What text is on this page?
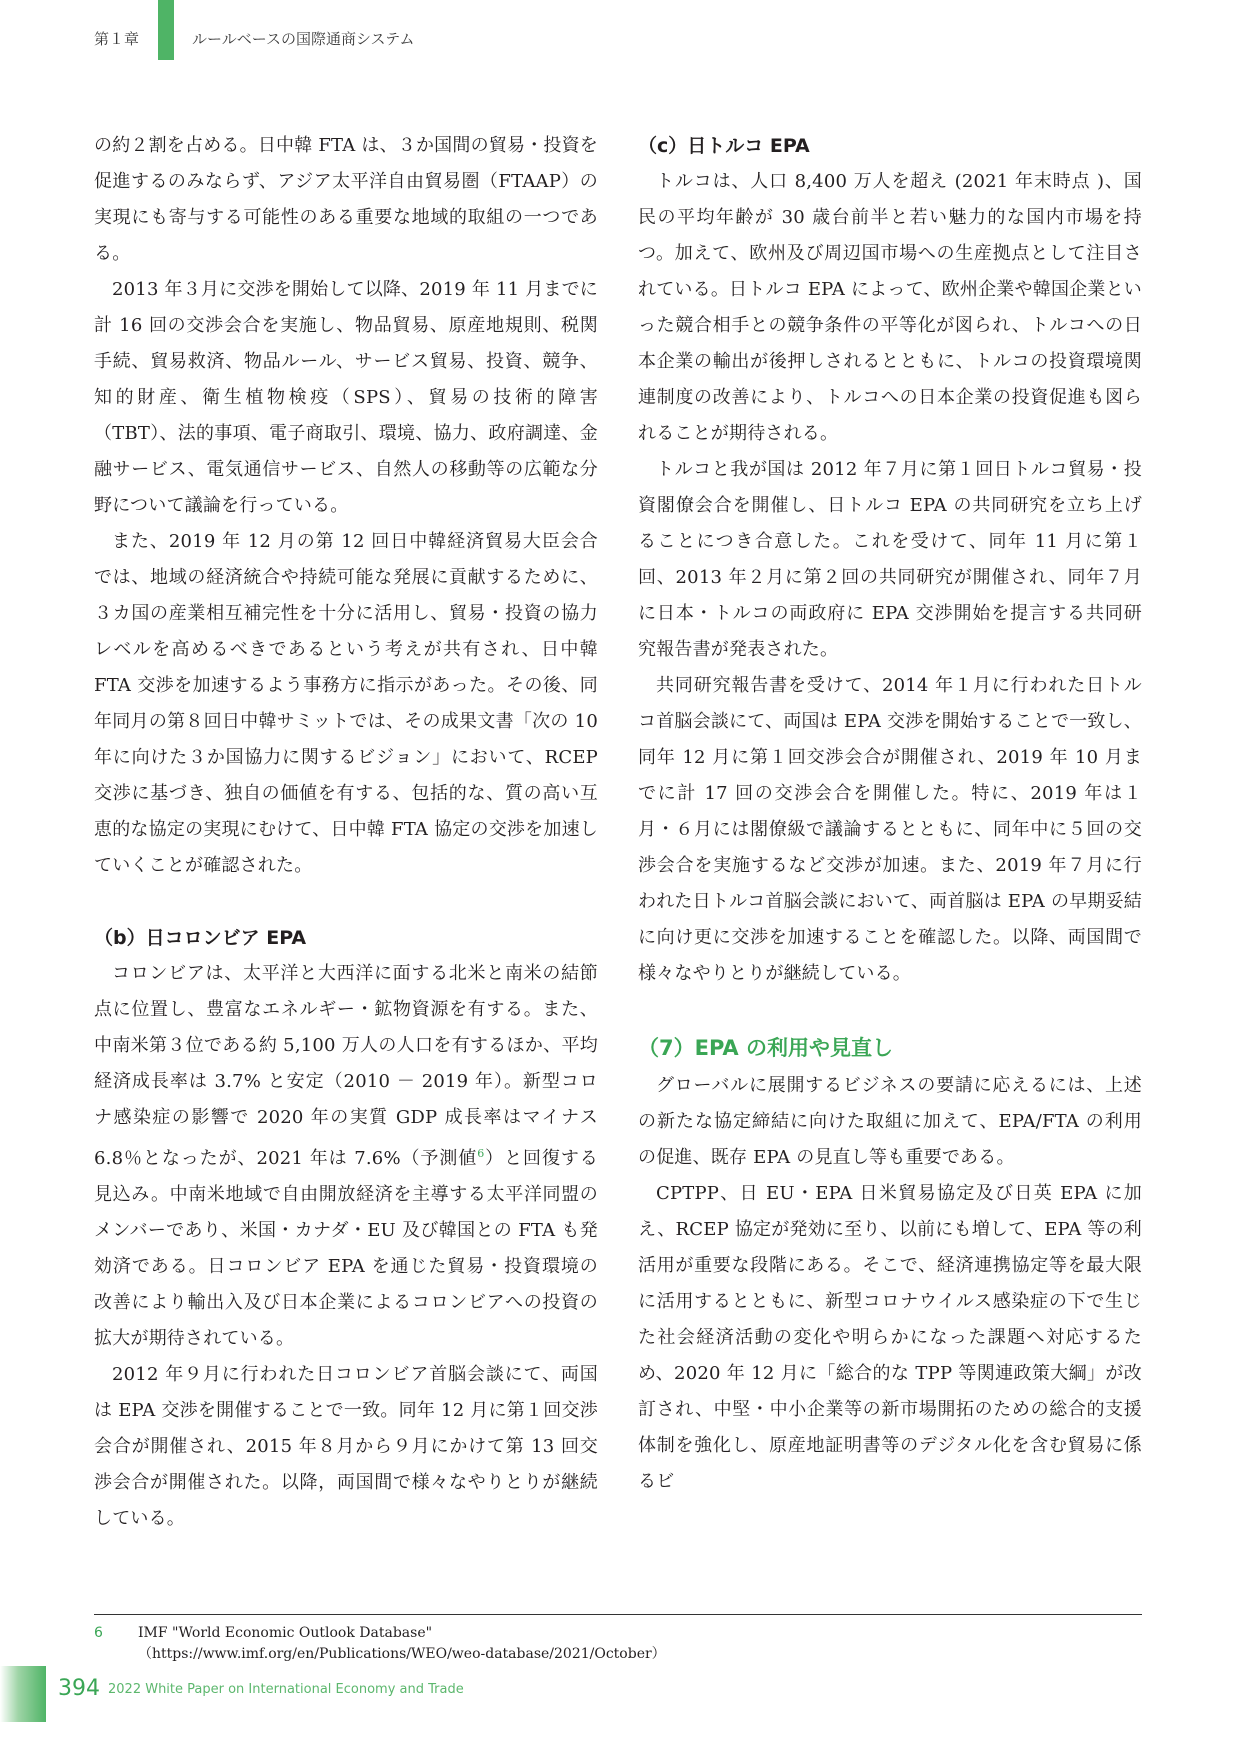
第１章	ルールベースの国際通商システム

の約２割を占める。日中韓 FTA は、３か国間の貿易・投資を促進するのみならず、アジア太平洋自由貿易圏（FTAAP）の実現にも寄与する可能性のある重要な地域的取組の一つである。

2013 年３月に交渉を開始して以降、2019 年 11 月までに計 16 回の交渉会合を実施し、物品貿易、原産地規則、税関手続、貿易救済、物品ルール、サービス貿易、投資、競争、知的財産、衛生植物検疫（SPS）、貿易の技術的障害（TBT）、法的事項、電子商取引、環境、協力、政府調達、金融サービス、電気通信サービス、自然人の移動等の広範な分野について議論を行っている。

また、2019 年 12 月の第 12 回日中韓経済貿易大臣会合では、地域の経済統合や持続可能な発展に貢献するために、３カ国の産業相互補完性を十分に活用し、貿易・投資の協力レベルを高めるべきであるという考えが共有され、日中韓 FTA 交渉を加速するよう事務方に指示があった。その後、同年同月の第８回日中韓サミットでは、その成果文書「次の 10 年に向けた３か国協力に関するビジョン」において、RCEP 交渉に基づき、独自の価値を有する、包括的な、質の高い互恵的な協定の実現にむけて、日中韓 FTA 協定の交渉を加速していくことが確認された。

（b）日コロンビア EPA

コロンビアは、太平洋と大西洋に面する北米と南米の結節点に位置し、豊富なエネルギー・鉱物資源を有する。また、中南米第３位である約 5,100 万人の人口を有するほか、平均経済成長率は 3.7% と安定（2010 － 2019 年）。新型コロナ感染症の影響で 2020 年の実質 GDP 成長率はマイナス 6.8％となったが、2021 年は 7.6%（予測値$^6$）と回復する見込み。中南米地域で自由開放経済を主導する太平洋同盟のメンバーであり、米国・カナダ・EU 及び韓国との FTA も発効済である。日コロンビア EPA を通じた貿易・投資環境の改善により輸出入及び日本企業によるコロンビアへの投資の拡大が期待されている。

2012 年９月に行われた日コロンビア首脳会談にて、両国は EPA 交渉を開催することで一致。同年 12 月に第１回交渉会合が開催され、2015 年８月から９月にかけて第 13 回交渉会合が開催された。以降，両国間で様々なやりとりが継続している。

（c）日トルコ EPA

トルコは、人口 8,400 万人を超え (2021 年末時点 )、国民の平均年齢が 30 歳台前半と若い魅力的な国内市場を持つ。加えて、欧州及び周辺国市場への生産拠点として注目されている。日トルコ EPA によって、欧州企業や韓国企業といった競合相手との競争条件の平等化が図られ、トルコへの日本企業の輸出が後押しされるとともに、トルコの投資環境関連制度の改善により、トルコへの日本企業の投資促進も図られることが期待される。

トルコと我が国は 2012 年７月に第１回日トルコ貿易・投資閣僚会合を開催し、日トルコ EPA の共同研究を立ち上げることにつき合意した。これを受けて、同年 11 月に第１回、2013 年２月に第２回の共同研究が開催され、同年７月に日本・トルコの両政府に EPA 交渉開始を提言する共同研究報告書が発表された。

共同研究報告書を受けて、2014 年１月に行われた日トルコ首脳会談にて、両国は EPA 交渉を開始することで一致し、同年 12 月に第１回交渉会合が開催され、2019 年 10 月までに計 17 回の交渉会合を開催した。特に、2019 年は１月・６月には閣僚級で議論するとともに、同年中に５回の交渉会合を実施するなど交渉が加速。また、2019 年７月に行われた日トルコ首脳会談において、両首脳は EPA の早期妥結に向け更に交渉を加速することを確認した。以降、両国間で様々なやりとりが継続している。

（7）EPA の利用や見直し

グローバルに展開するビジネスの要請に応えるには、上述の新たな協定締結に向けた取組に加えて、EPA/FTA の利用の促進、既存 EPA の見直し等も重要である。

CPTPP、日 EU・EPA 日米貿易協定及び日英 EPA に加え、RCEP 協定が発効に至り、以前にも増して、EPA 等の利活用が重要な段階にある。そこで、経済連携協定等を最大限に活用するとともに、新型コロナウイルス感染症の下で生じた社会経済活動の変化や明らかになった課題へ対応するため、2020 年 12 月に「総合的な TPP 等関連政策大綱」が改訂され、中堅・中小企業等の新市場開拓のための総合的支援体制を強化し、原産地証明書等のデジタル化を含む貿易に係るビ

6	IMF "World Economic Outlook Database"
（https://www.imf.org/en/Publications/WEO/weo-database/2021/October）
394 2022 White Paper on International Economy and Trade
